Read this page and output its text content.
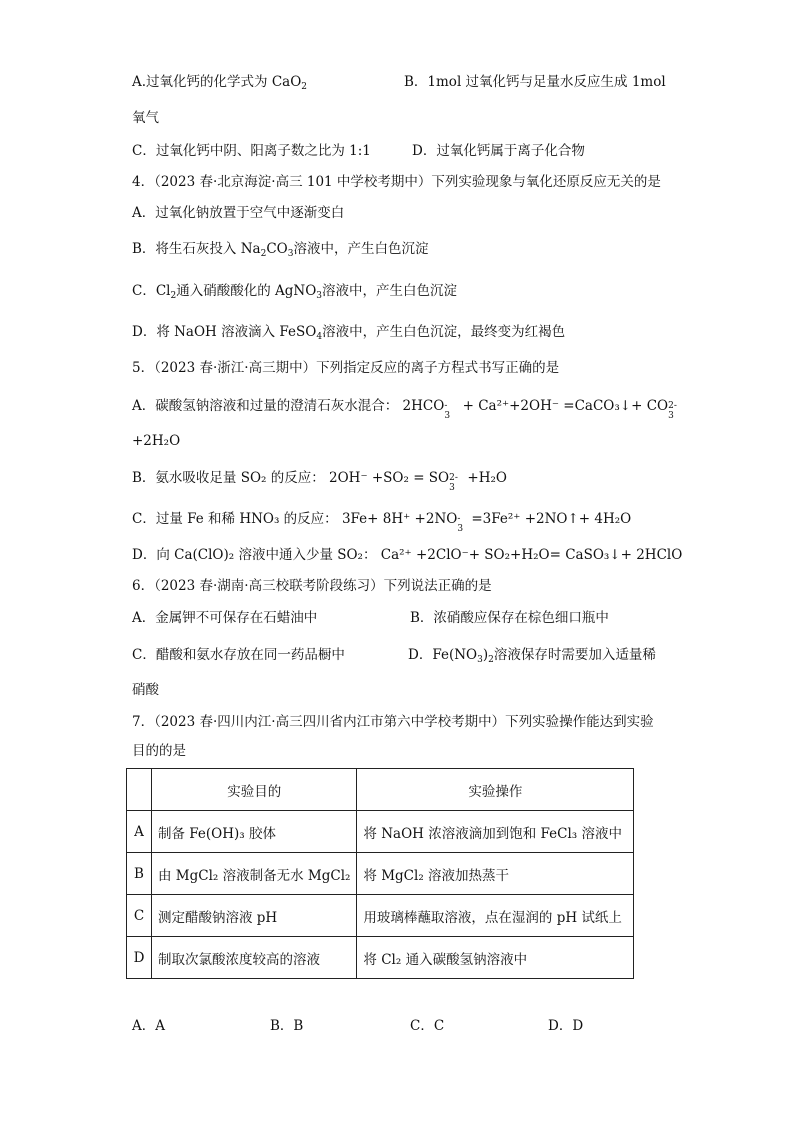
A.过氧化钙的化学式为 CaO$_2$	B．1mol 过氧化钙与足量水反应生成 1mol
氧气
C．过氧化钙中阴、阳离子数之比为 1:1	D．过氧化钙属于离子化合物
4．（2023 春·北京海淀·高三 101 中学校考期中）下列实验现象与氧化还原反应无关的是
A．过氧化钠放置于空气中逐渐变白
B．将生石灰投入 $Na_2CO_3$溶液中，产生白色沉淀
C．$Cl_2$通入硝酸酸化的 AgNO$_3$溶液中，产生白色沉淀
D．将 NaOH 溶液滴入 FeSO$_4$溶液中，产生白色沉淀，最终变为红褐色
5．（2023 春·浙江·高三期中）下列指定反应的离子方程式书写正确的是
A．碳酸氢钠溶液和过量的澄清石灰水混合： 2HCO -
3
+ Ca²⁺+2OH⁻ =CaCO₃↓+ CO 2-
3
+2H₂O
B．氨水吸收足量 SO₂ 的反应： 2OH⁻ +SO₂ = SO 2-
3
+H₂O
C．过量 Fe 和稀 HNO₃ 的反应： 3Fe+ 8H⁺ +2NO -
3
=3Fe²⁺ +2NO↑+ 4H₂O
D．向 Ca(ClO)₂ 溶液中通入少量 SO₂： Ca²⁺ +2ClO⁻+ SO₂+H₂O= CaSO₃↓+ 2HClO
6．（2023 春·湖南·高三校联考阶段练习）下列说法正确的是
A．金属钾不可保存在石蜡油中	B．浓硝酸应保存在棕色细口瓶中
C．醋酸和氨水存放在同一药品橱中	D．$Fe(NO_3)_2$溶液保存时需要加入适量稀
硝酸
7．（2023 春·四川内江·高三四川省内江市第六中学校考期中）下列实验操作能达到实验
目的的是
	实验目的	实验操作
A	制备 Fe(OH)₃ 胶体	将 NaOH 浓溶液滴加到饱和 FeCl₃ 溶液中
B	由 MgCl₂ 溶液制备无水 MgCl₂	将 MgCl₂ 溶液加热蒸干
C	测定醋酸钠溶液 pH	用玻璃棒蘸取溶液，点在湿润的 pH 试纸上
D	制取次氯酸浓度较高的溶液	将 Cl₂ 通入碳酸氢钠溶液中
A．A	B．B	C．C	D．D
